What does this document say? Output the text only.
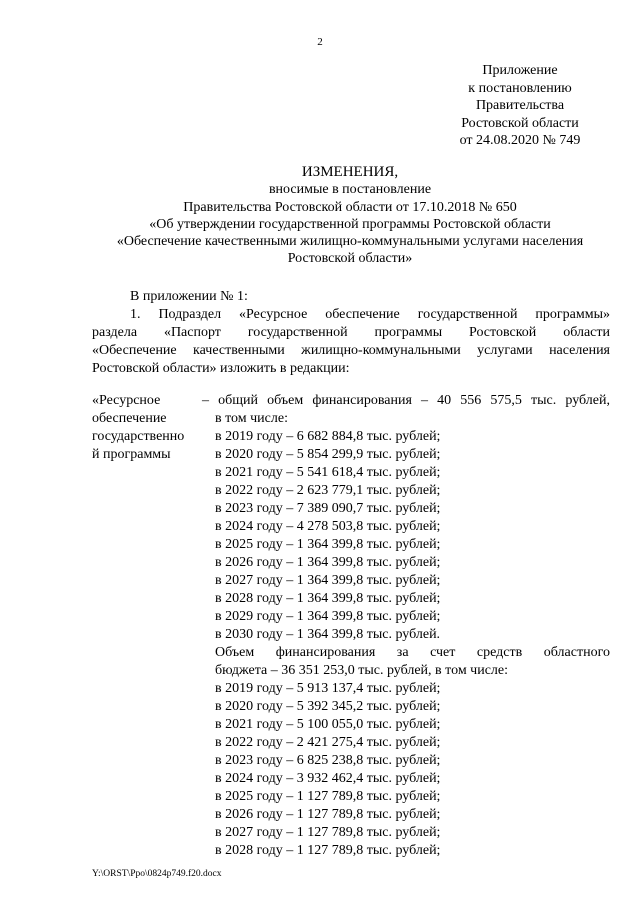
2
Приложение
к постановлению
Правительства
Ростовской области
от 24.08.2020 № 749
ИЗМЕНЕНИЯ,
вносимые в постановление
Правительства Ростовской области от 17.10.2018 № 650
«Об утверждении государственной программы Ростовской области
«Обеспечение качественными жилищно-коммунальными услугами населения
Ростовской области»

В приложении № 1:

1. Подраздел «Ресурсное обеспечение государственной программы»

раздела «Паспорт государственной программы Ростовской области

«Обеспечение качественными жилищно-коммунальными услугами населения

Ростовской области» изложить в редакции:

«Ресурсное
обеспечение
государственно
й программы
– общий объем финансирования – 40 556 575,5 тыс. рублей,
в том числе:
в 2019 году – 6 682 884,8 тыс. рублей;
в 2020 году – 5 854 299,9 тыс. рублей;
в 2021 году – 5 541 618,4 тыс. рублей;
в 2022 году – 2 623 779,1 тыс. рублей;
в 2023 году – 7 389 090,7 тыс. рублей;
в 2024 году – 4 278 503,8 тыс. рублей;
в 2025 году – 1 364 399,8 тыс. рублей;
в 2026 году – 1 364 399,8 тыс. рублей;
в 2027 году – 1 364 399,8 тыс. рублей;
в 2028 году – 1 364 399,8 тыс. рублей;
в 2029 году – 1 364 399,8 тыс. рублей;
в 2030 году – 1 364 399,8 тыс. рублей.
Объем финансирования за счет средств областного
бюджета – 36 351 253,0 тыс. рублей, в том числе:
в 2019 году – 5 913 137,4 тыс. рублей;
в 2020 году – 5 392 345,2 тыс. рублей;
в 2021 году – 5 100 055,0 тыс. рублей;
в 2022 году – 2 421 275,4 тыс. рублей;
в 2023 году – 6 825 238,8 тыс. рублей;
в 2024 году – 3 932 462,4 тыс. рублей;
в 2025 году – 1 127 789,8 тыс. рублей;
в 2026 году – 1 127 789,8 тыс. рублей;
в 2027 году – 1 127 789,8 тыс. рублей;
в 2028 году – 1 127 789,8 тыс. рублей;
Y:\ORST\Ppo\0824p749.f20.docx
